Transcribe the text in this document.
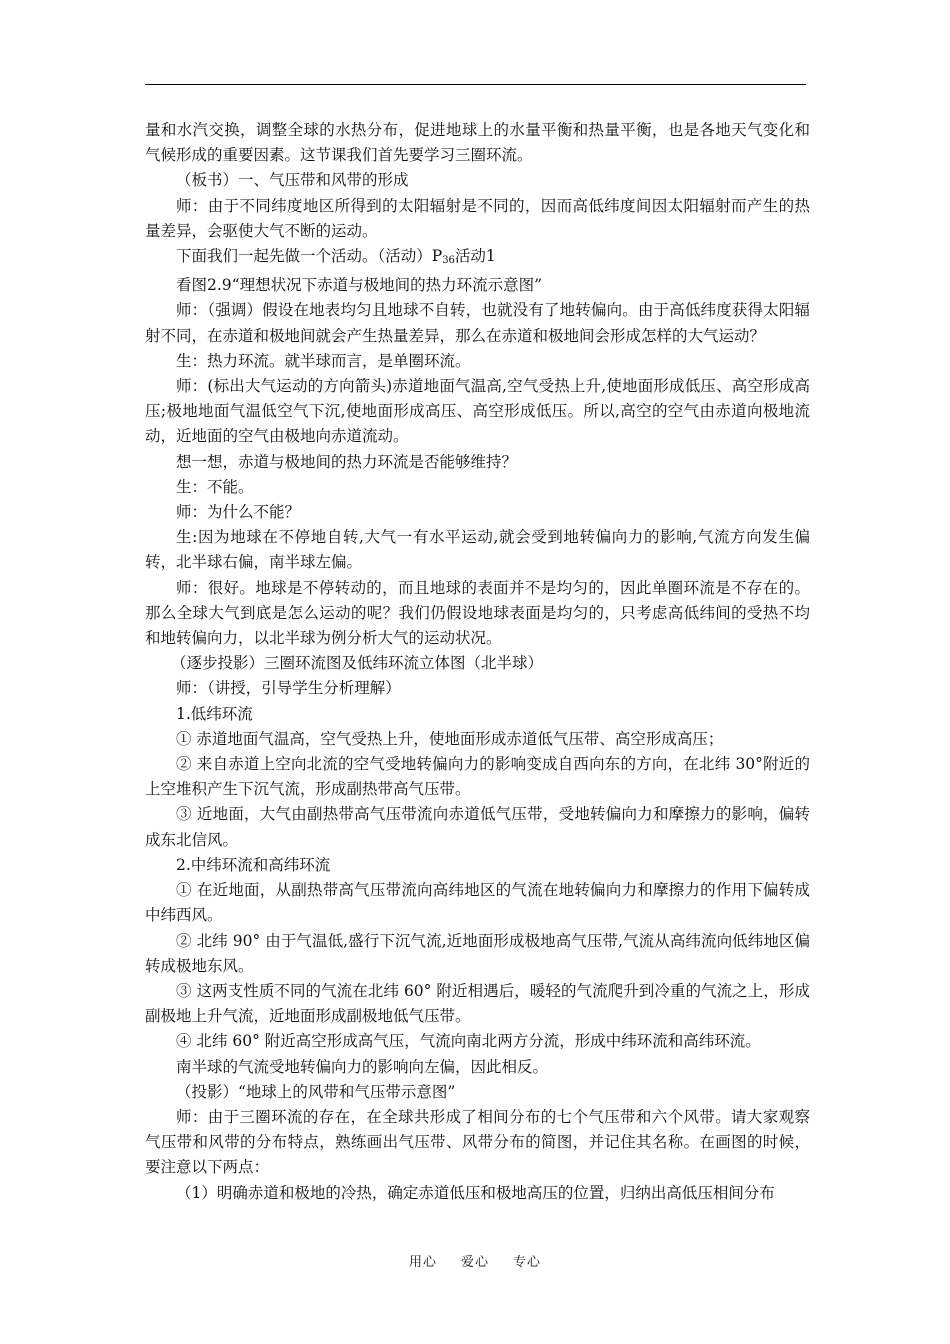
量和水汽交换，调整全球的水热分布，促进地球上的水量平衡和热量平衡，也是各地天气变化和气候形成的重要因素。这节课我们首先要学习三圈环流。

（板书）一、气压带和风带的形成

师：由于不同纬度地区所得到的太阳辐射是不同的，因而高低纬度间因太阳辐射而产生的热量差异，会驱使大气不断的运动。

下面我们一起先做一个活动。（活动）$P_{36}$活动1

看图2.9“理想状况下赤道与极地间的热力环流示意图”

师：（强调）假设在地表均匀且地球不自转，也就没有了地转偏向。由于高低纬度获得太阳辐射不同，在赤道和极地间就会产生热量差异，那么在赤道和极地间会形成怎样的大气运动？

生：热力环流。就半球而言，是单圈环流。

师：(标出大气运动的方向箭头)赤道地面气温高,空气受热上升,使地面形成低压、高空形成高压;极地地面气温低空气下沉,使地面形成高压、高空形成低压。所以,高空的空气由赤道向极地流动，近地面的空气由极地向赤道流动。

想一想，赤道与极地间的热力环流是否能够维持？

生：不能。

师：为什么不能？

生:因为地球在不停地自转,大气一有水平运动,就会受到地转偏向力的影响,气流方向发生偏转，北半球右偏，南半球左偏。

师：很好。地球是不停转动的，而且地球的表面并不是均匀的，因此单圈环流是不存在的。那么全球大气到底是怎么运动的呢？我们仍假设地球表面是均匀的，只考虑高低纬间的受热不均和地转偏向力，以北半球为例分析大气的运动状况。

（逐步投影）三圈环流图及低纬环流立体图（北半球）

师：（讲授，引导学生分析理解）

1.低纬环流

① 赤道地面气温高，空气受热上升，使地面形成赤道低气压带、高空形成高压；

② 来自赤道上空向北流的空气受地转偏向力的影响变成自西向东的方向，在北纬 30°附近的上空堆积产生下沉气流，形成副热带高气压带。

③ 近地面，大气由副热带高气压带流向赤道低气压带，受地转偏向力和摩擦力的影响，偏转成东北信风。

2.中纬环流和高纬环流

① 在近地面，从副热带高气压带流向高纬地区的气流在地转偏向力和摩擦力的作用下偏转成中纬西风。

② 北纬 90° 由于气温低,盛行下沉气流,近地面形成极地高气压带,气流从高纬流向低纬地区偏转成极地东风。

③ 这两支性质不同的气流在北纬 60° 附近相遇后，暖轻的气流爬升到冷重的气流之上，形成副极地上升气流，近地面形成副极地低气压带。

④ 北纬 60° 附近高空形成高气压，气流向南北两方分流，形成中纬环流和高纬环流。

南半球的气流受地转偏向力的影响向左偏，因此相反。

（投影）“地球上的风带和气压带示意图”

师：由于三圈环流的存在，在全球共形成了相间分布的七个气压带和六个风带。请大家观察气压带和风带的分布特点，熟练画出气压带、风带分布的简图，并记住其名称。在画图的时候，要注意以下两点：

（1）明确赤道和极地的冷热，确定赤道低压和极地高压的位置，归纳出高低压相间分布

用心 爱心 专心
